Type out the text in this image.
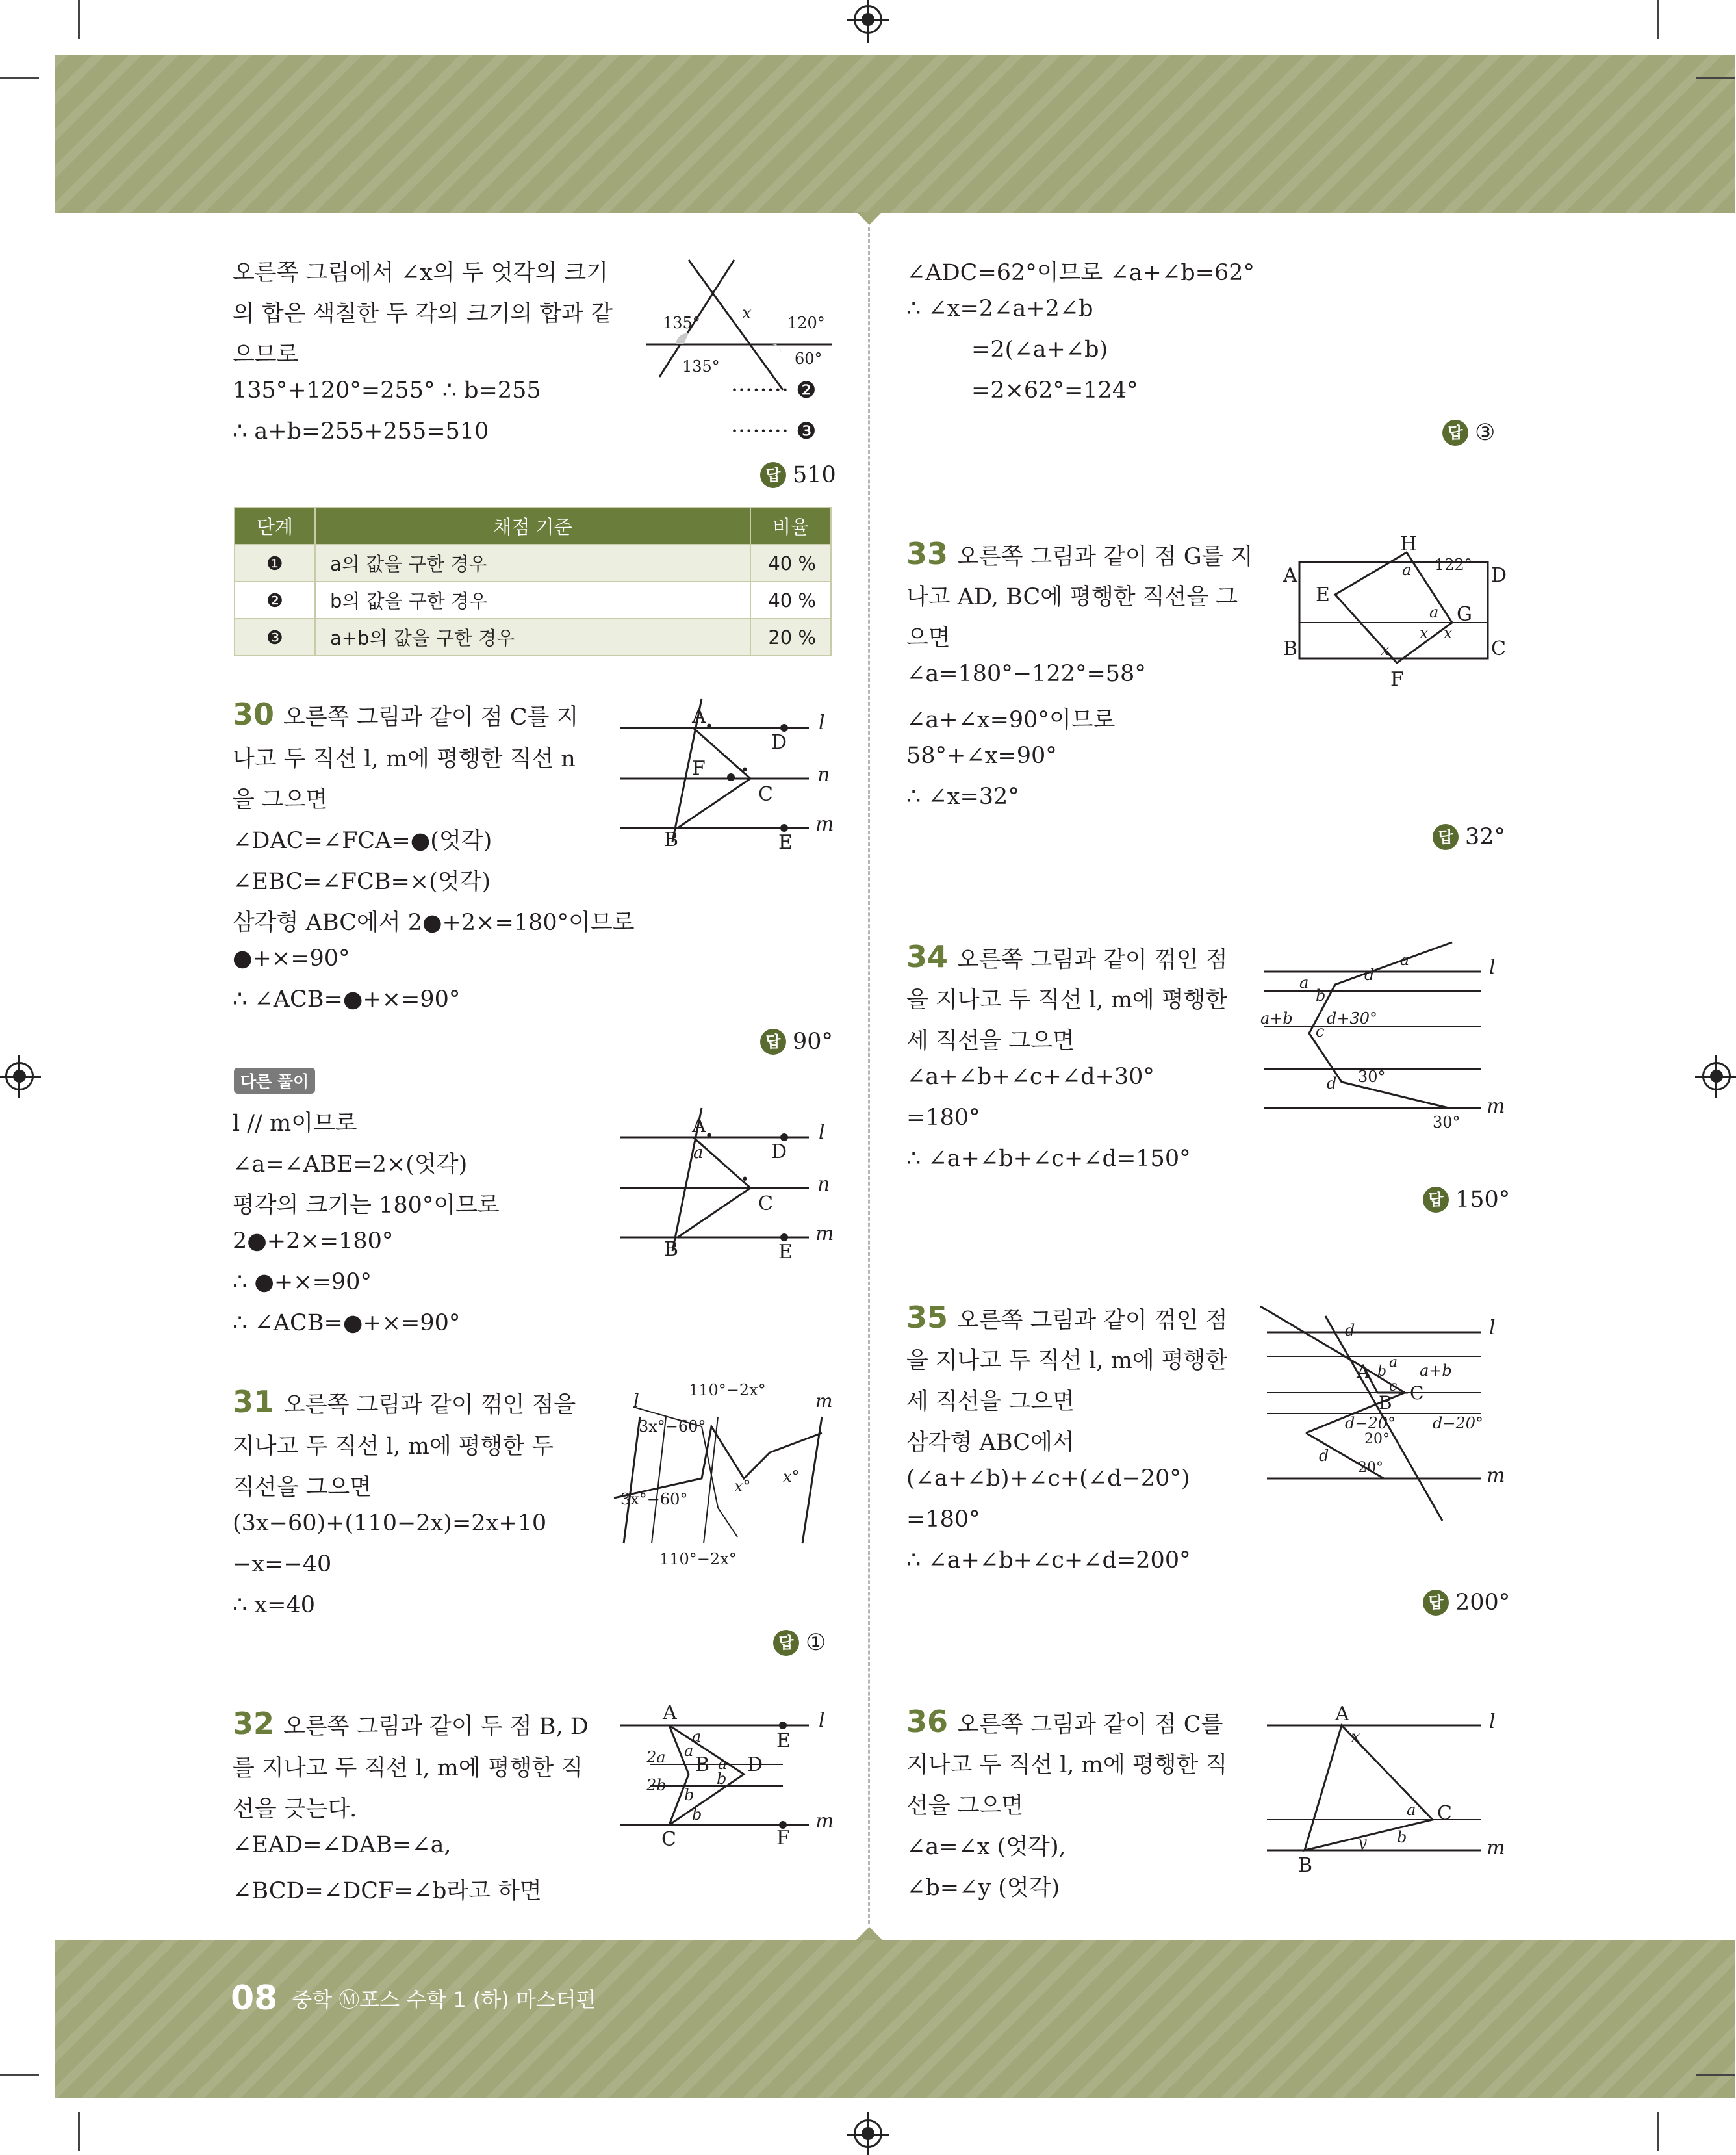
오른쪽 그림에서 ∠x의 두 엇각의 크기
의 합은 색칠한 두 각의 크기의 합과 같
으므로
135°+120°=255° ∴ b=255	········ ❷
∴ a+b=255+255=510	········ ❸
답 510
135°
135°
120°
60°
x
단계	채점 기준	비율
❶	a의 값을 구한 경우	40 %
❷	b의 값을 구한 경우	40 %
❸	a+b의 값을 구한 경우	20 %
30 오른쪽 그림과 같이 점 C를 지
나고 두 직선 l, m에 평행한 직선 n
을 그으면
∠DAC=∠FCA=●(엇각)
∠EBC=∠FCB=×(엇각)
삼각형 ABC에서 2●+2×=180°이므로
●+×=90°
∴ ∠ACB=●+×=90°
답 90°
•
•
A
D
F
C
B	E
l
n
m
다른 풀이
l // m이므로
∠a=∠ABE=2×(엇각)
평각의 크기는 180°이므로
2●+2×=180°
∴ ●+×=90°
∴ ∠ACB=●+×=90°
•
•
A
a	D
C
B	E
l
n
m
31 오른쪽 그림과 같이 꺾인 점을
지나고 두 직선 l, m에 평행한 두
직선을 그으면
(3x−60)+(110−2x)=2x+10
−x=−40
∴ x=40
답 ①
110°−2x°
3x°−60°
3x°−60°
110°−2x°
x°
x°
l	m
32 오른쪽 그림과 같이 두 점 B, D
를 지나고 두 직선 l, m에 평행한 직
선을 긋는다.
∠EAD=∠DAB=∠a,
∠BCD=∠DCF=∠b라고 하면
A
E
B D
C	F
a
a
2a
2b
a
b
b
b
l
m
∠ADC=62°이므로 ∠a+∠b=62°
∴ ∠x=2∠a+2∠b
=2(∠a+∠b)
=2×62°=124°
답 ③
33 오른쪽 그림과 같이 점 G를 지
나고 AD, BC에 평행한 직선을 그
으면
∠a=180°−122°=58°
∠a+∠x=90°이므로
58°+∠x=90°
∴ ∠x=32°
답 32°
A
B	C
D
E
F
G
H
122°
a
a
x x
x
34 오른쪽 그림과 같이 꺾인 점
을 지나고 두 직선 l, m에 평행한
세 직선을 그으면
∠a+∠b+∠c+∠d+30°
=180°
∴ ∠a+∠b+∠c+∠d=150°
답 150°
a
a
b
d
a+b
c
d+30°
d 30°
30°
l
m
35 오른쪽 그림과 같이 꺾인 점
을 지나고 두 직선 l, m에 평행한
세 직선을 그으면
삼각형 ABC에서
(∠a+∠b)+∠c+(∠d−20°)
=180°
∴ ∠a+∠b+∠c+∠d=200°
답 200°
d
A b
a a+b
c C
B
d−20° d−20°
20°
20°
d
l
m
36 오른쪽 그림과 같이 점 C를
지나고 두 직선 l, m에 평행한 직
선을 그으면
∠a=∠x (엇각),
∠b=∠y (엇각)
A
x
C
a
b
B
y
l
m
08 중학 Ⓜ포스 수학 1 (하) 마스터편
